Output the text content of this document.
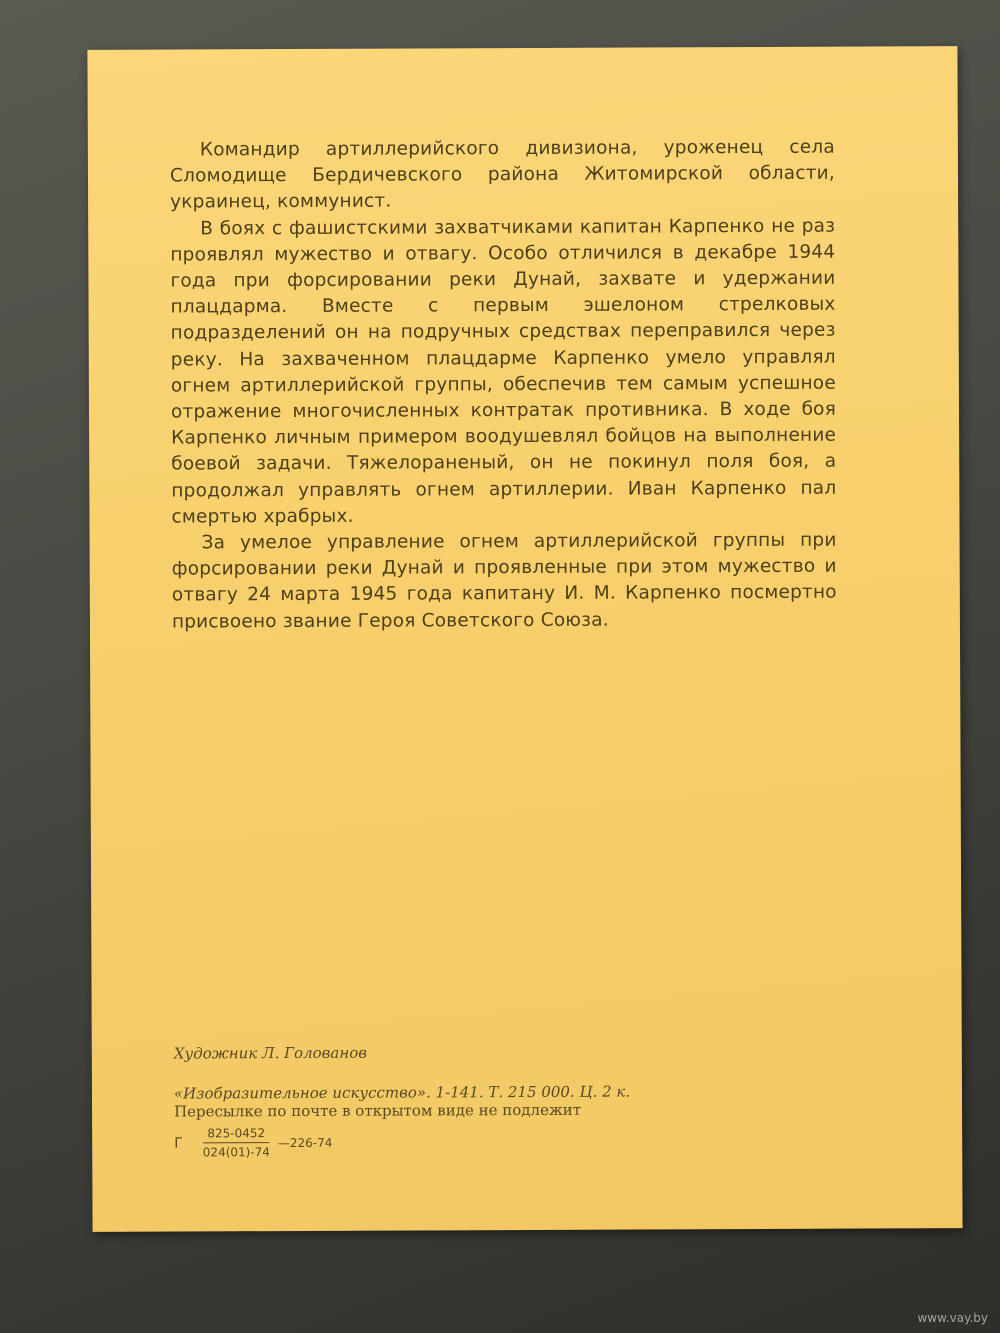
Командир артиллерийского дивизиона, уроженец села Сломодище Бердичевского района Житомирской области, украинец, коммунист.

В боях с фашистскими захватчиками капитан Карпенко не раз проявлял мужество и отвагу. Особо отличился в декабре 1944 года при форсировании реки Дунай, захвате и удержании плацдарма. Вместе с первым эшелоном стрелковых подразделений он на подручных средствах переправился через реку. На захваченном плацдарме Карпенко умело управлял огнем артиллерийской группы, обеспечив тем самым успешное отражение многочисленных контратак противника. В ходе боя Карпенко личным примером воодушевлял бойцов на выполнение боевой задачи. Тяжелораненый, он не покинул поля боя, а продолжал управлять огнем артиллерии. Иван Карпенко пал смертью храбрых.

За умелое управление огнем артиллерийской группы при форсировании реки Дунай и проявленные при этом мужество и отвагу 24 марта 1945 года капитану И. М. Карпенко посмертно присвоено звание Героя Советского Союза.

Художник Л. Голованов
«Изобразительное искусство». 1-141. Т. 215 000. Ц. 2 к.
Пересылке по почте в открытом виде не подлежит
Г $\frac{825-0452}{024(01)-74}$ —226-74
www.vay.by
